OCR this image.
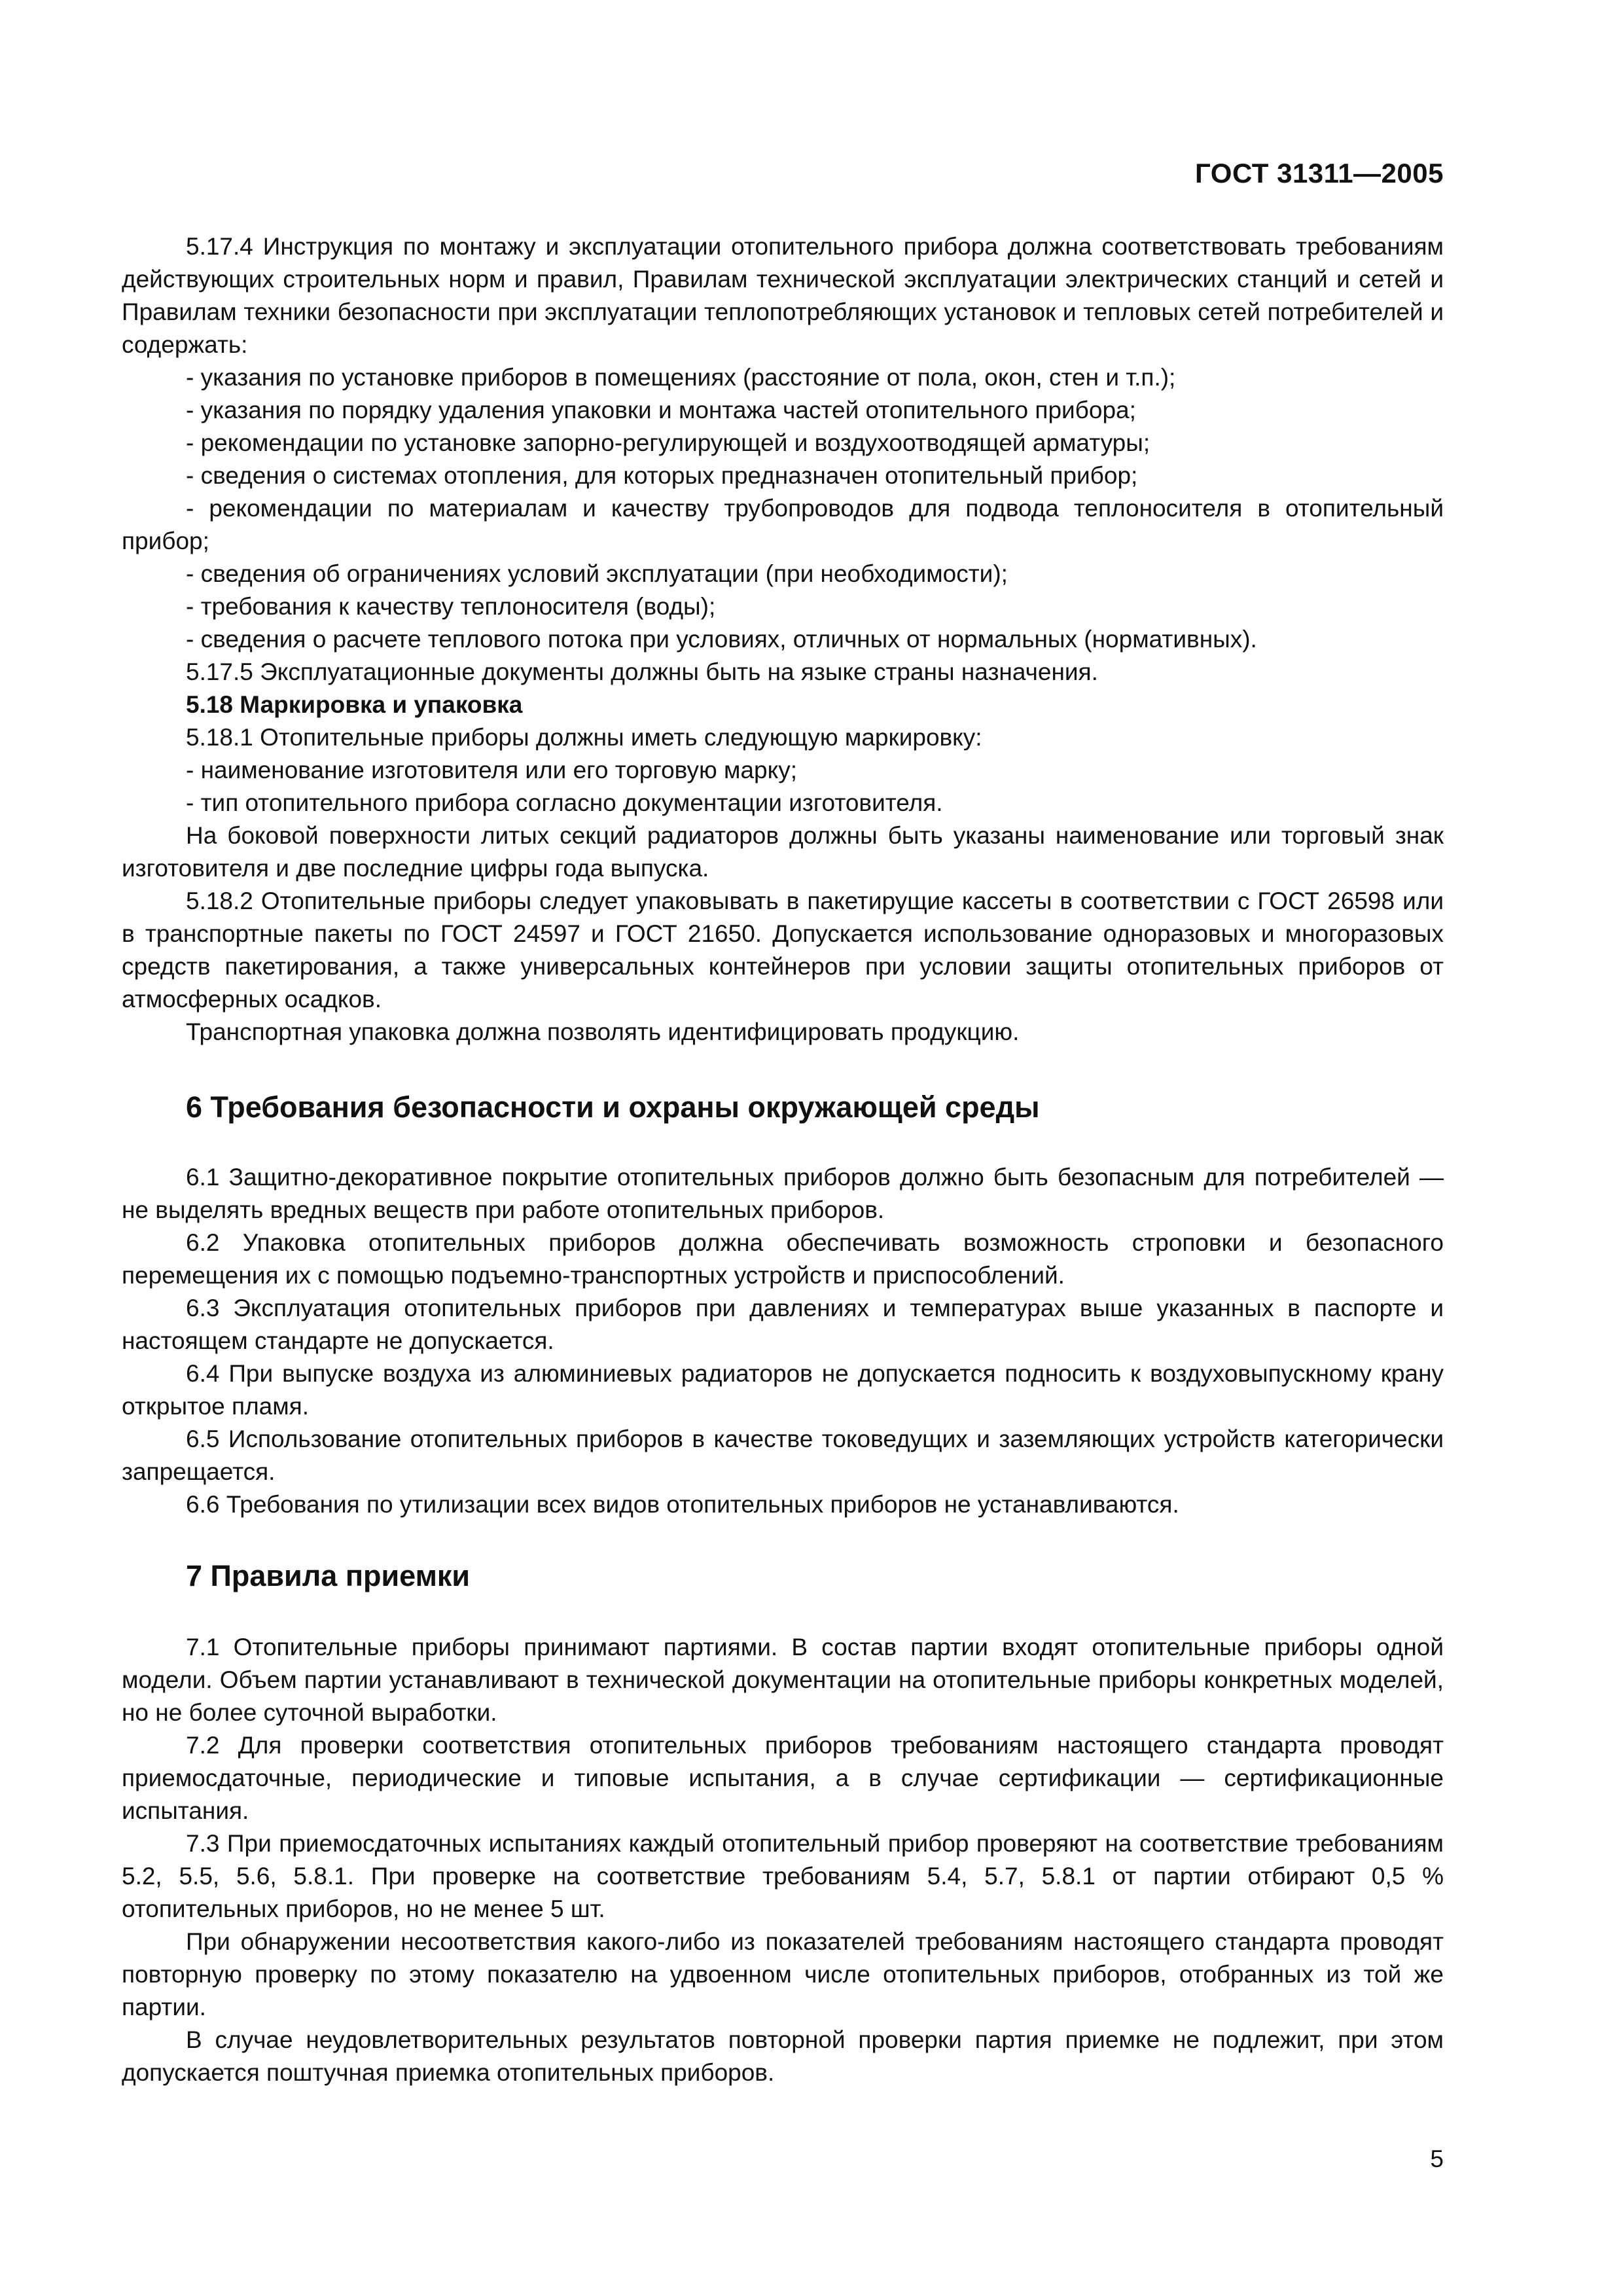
ГОСТ 31311—2005

5.17.4 Инструкция по монтажу и эксплуатации отопительного прибора должна соответствовать требованиям действующих строительных норм и правил, Правилам технической эксплуатации электрических станций и сетей и Правилам техники безопасности при эксплуатации теплопотребляющих установок и тепловых сетей потребителей и содержать:

- указания по установке приборов в помещениях (расстояние от пола, окон, стен и т.п.);

- указания по порядку удаления упаковки и монтажа частей отопительного прибора;

- рекомендации по установке запорно-регулирующей и воздухоотводящей арматуры;

- сведения о системах отопления, для которых предназначен отопительный прибор;

- рекомендации по материалам и качеству трубопроводов для подвода теплоносителя в отопительный прибор;

- сведения об ограничениях условий эксплуатации (при необходимости);

- требования к качеству теплоносителя (воды);

- сведения о расчете теплового потока при условиях, отличных от нормальных (нормативных).

5.17.5 Эксплуатационные документы должны быть на языке страны назначения.

5.18 Маркировка и упаковка

5.18.1 Отопительные приборы должны иметь следующую маркировку:

- наименование изготовителя или его торговую марку;

- тип отопительного прибора согласно документации изготовителя.

На боковой поверхности литых секций радиаторов должны быть указаны наименование или торговый знак изготовителя и две последние цифры года выпуска.

5.18.2 Отопительные приборы следует упаковывать в пакетирущие кассеты в соответствии с ГОСТ 26598 или в транспортные пакеты по ГОСТ 24597 и ГОСТ 21650. Допускается использование одноразовых и многоразовых средств пакетирования, а также универсальных контейнеров при условии защиты отопительных приборов от атмосферных осадков.

Транспортная упаковка должна позволять идентифицировать продукцию.

6 Требования безопасности и охраны окружающей среды

6.1 Защитно-декоративное покрытие отопительных приборов должно быть безопасным для потребителей — не выделять вредных веществ при работе отопительных приборов.

6.2 Упаковка отопительных приборов должна обеспечивать возможность строповки и безопасного перемещения их с помощью подъемно-транспортных устройств и приспособлений.

6.3 Эксплуатация отопительных приборов при давлениях и температурах выше указанных в паспорте и настоящем стандарте не допускается.

6.4 При выпуске воздуха из алюминиевых радиаторов не допускается подносить к воздуховыпускному крану открытое пламя.

6.5 Использование отопительных приборов в качестве токоведущих и заземляющих устройств категорически запрещается.

6.6 Требования по утилизации всех видов отопительных приборов не устанавливаются.

7 Правила приемки

7.1 Отопительные приборы принимают партиями. В состав партии входят отопительные приборы одной модели. Объем партии устанавливают в технической документации на отопительные приборы конкретных моделей, но не более суточной выработки.

7.2 Для проверки соответствия отопительных приборов требованиям настоящего стандарта проводят приемосдаточные, периодические и типовые испытания, а в случае сертификации — сертификационные испытания.

7.3 При приемосдаточных испытаниях каждый отопительный прибор проверяют на соответствие требованиям 5.2, 5.5, 5.6, 5.8.1. При проверке на соответствие требованиям 5.4, 5.7, 5.8.1 от партии отбирают 0,5 % отопительных приборов, но не менее 5 шт.

При обнаружении несоответствия какого-либо из показателей требованиям настоящего стандарта проводят повторную проверку по этому показателю на удвоенном числе отопительных приборов, отобранных из той же партии.

В случае неудовлетворительных результатов повторной проверки партия приемке не подлежит, при этом допускается поштучная приемка отопительных приборов.

5
